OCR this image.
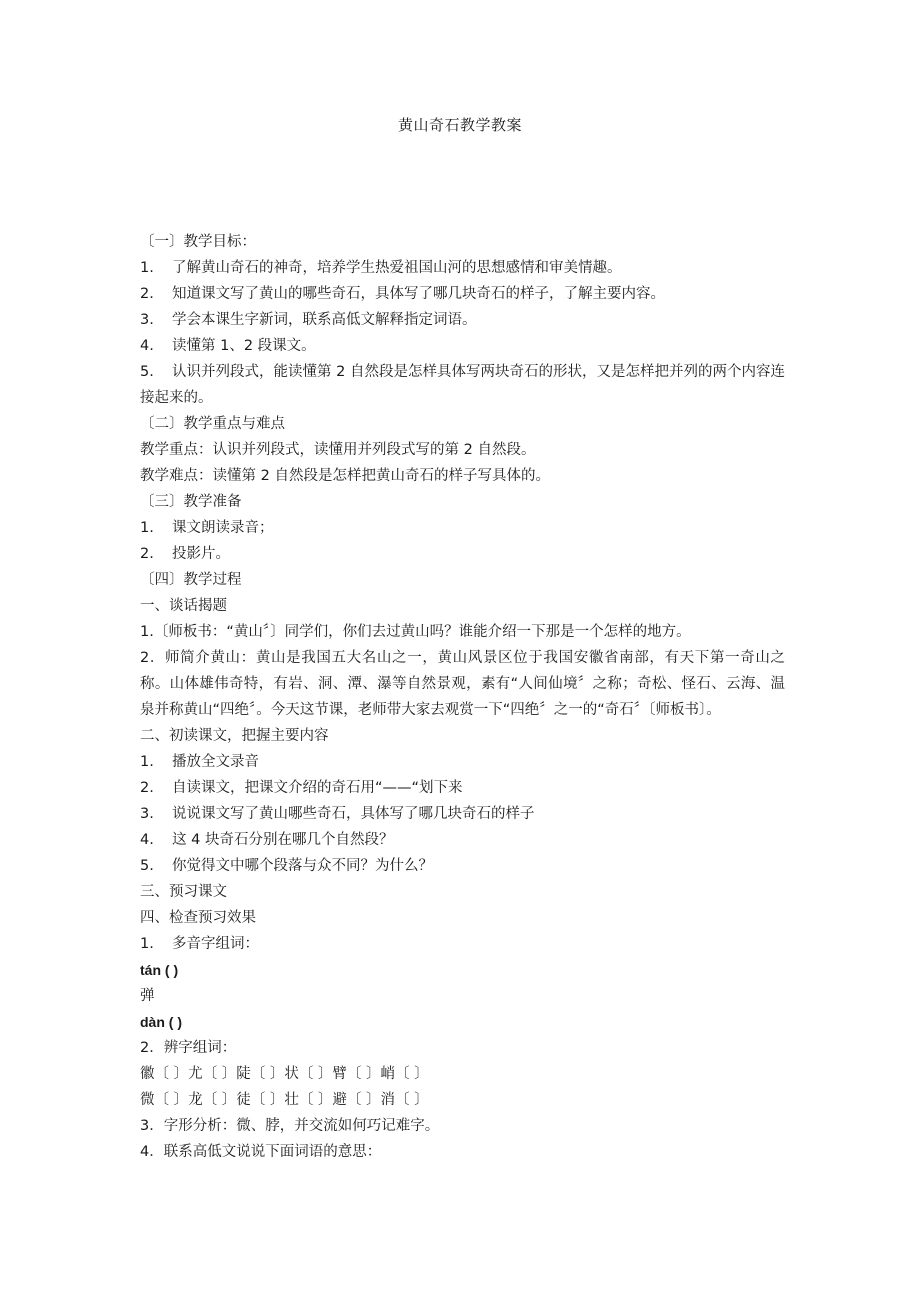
黄山奇石教学教案
〔一〕教学目标：
1. 了解黄山奇石的神奇，培养学生热爱祖国山河的思想感情和审美情趣。
2. 知道课文写了黄山的哪些奇石，具体写了哪几块奇石的样子，了解主要内容。
3. 学会本课生字新词，联系高低文解释指定词语。
4. 读懂第 1、2 段课文。
5. 认识并列段式，能读懂第 2 自然段是怎样具体写两块奇石的形状，又是怎样把并列的两个内容连接起来的。
〔二〕教学重点与难点
教学重点：认识并列段式，读懂用并列段式写的第 2 自然段。
教学难点：读懂第 2 自然段是怎样把黄山奇石的样子写具体的。
〔三〕教学准备
1. 课文朗读录音；
2. 投影片。
〔四〕教学过程
一、谈话揭题
1.〔师板书：“黄山〞〕同学们，你们去过黄山吗？谁能介绍一下那是一个怎样的地方。
2．师简介黄山：黄山是我国五大名山之一，黄山风景区位于我国安徽省南部，有天下第一奇山之称。山体雄伟奇特，有岩、洞、潭、瀑等自然景观，素有“人间仙境〞之称；奇松、怪石、云海、温泉并称黄山“四绝〞。今天这节课，老师带大家去观赏一下“四绝〞之一的“奇石〞〔师板书〕。
二、初读课文，把握主要内容
1. 播放全文录音
2. 自读课文，把课文介绍的奇石用“——“划下来
3. 说说课文写了黄山哪些奇石，具体写了哪几块奇石的样子
4. 这 4 块奇石分别在哪几个自然段？
5. 你觉得文中哪个段落与众不同？为什么？
三、预习课文
四、检查预习效果
1. 多音字组词：
tán ( )
弹
dàn ( )
2．辨字组词：
徽〔 〕尤〔 〕陡〔 〕状〔 〕臂〔 〕峭〔 〕
微〔 〕龙〔 〕徒〔 〕壮〔 〕避〔 〕消〔 〕
3．字形分析：微、脖，并交流如何巧记难字。
4．联系高低文说说下面词语的意思：
